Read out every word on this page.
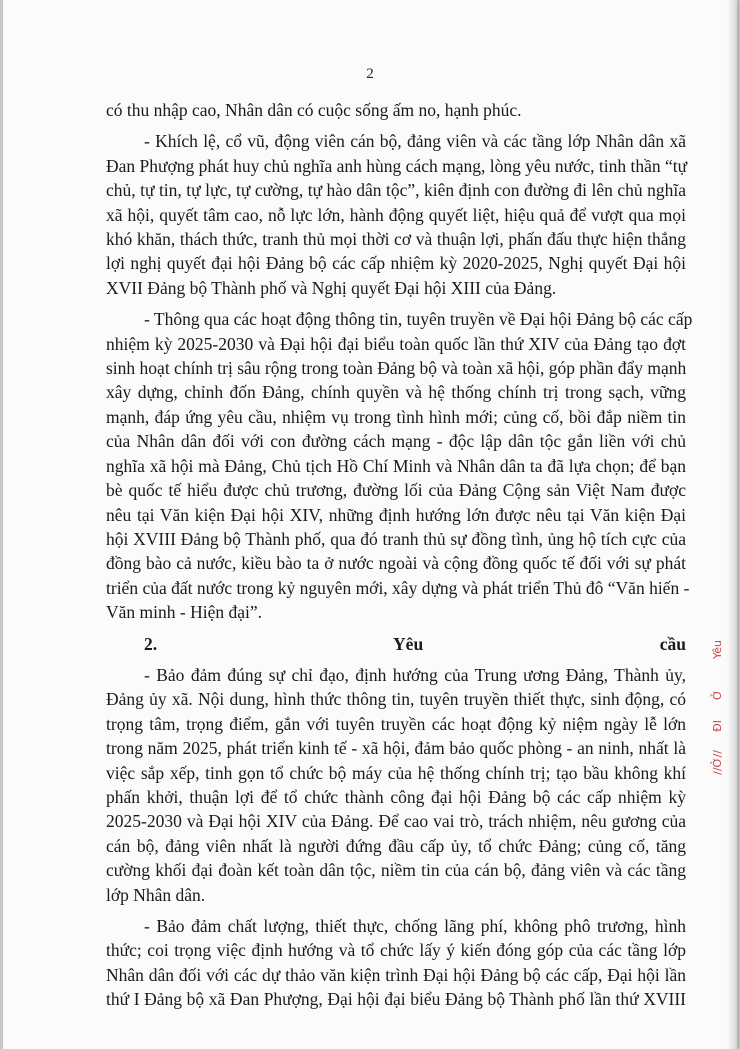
2
có thu nhập cao, Nhân dân có cuộc sống ấm no, hạnh phúc.
- Khích lệ, cổ vũ, động viên cán bộ, đảng viên và các tầng lớp Nhân dân xã
Đan Phượng phát huy chủ nghĩa anh hùng cách mạng, lòng yêu nước, tinh thần “tự
chủ, tự tin, tự lực, tự cường, tự hào dân tộc”, kiên định con đường đi lên chủ nghĩa
xã hội, quyết tâm cao, nỗ lực lớn, hành động quyết liệt, hiệu quả để vượt qua mọi
khó khăn, thách thức, tranh thủ mọi thời cơ và thuận lợi, phấn đấu thực hiện thắng
lợi nghị quyết đại hội Đảng bộ các cấp nhiệm kỳ 2020-2025, Nghị quyết Đại hội
XVII Đảng bộ Thành phố và Nghị quyết Đại hội XIII của Đảng.
- Thông qua các hoạt động thông tin, tuyên truyền về Đại hội Đảng bộ các cấp
nhiệm kỳ 2025-2030 và Đại hội đại biểu toàn quốc lần thứ XIV của Đảng tạo đợt
sinh hoạt chính trị sâu rộng trong toàn Đảng bộ và toàn xã hội, góp phần đẩy mạnh
xây dựng, chỉnh đốn Đảng, chính quyền và hệ thống chính trị trong sạch, vững
mạnh, đáp ứng yêu cầu, nhiệm vụ trong tình hình mới; củng cố, bồi đắp niềm tin
của Nhân dân đối với con đường cách mạng - độc lập dân tộc gắn liền với chủ
nghĩa xã hội mà Đảng, Chủ tịch Hồ Chí Minh và Nhân dân ta đã lựa chọn; để bạn
bè quốc tế hiểu được chủ trương, đường lối của Đảng Cộng sản Việt Nam được
nêu tại Văn kiện Đại hội XIV, những định hướng lớn được nêu tại Văn kiện Đại
hội XVIII Đảng bộ Thành phố, qua đó tranh thủ sự đồng tình, ủng hộ tích cực của
đồng bào cả nước, kiều bào ta ở nước ngoài và cộng đồng quốc tế đối với sự phát
triển của đất nước trong kỷ nguyên mới, xây dựng và phát triển Thủ đô “Văn hiến -
Văn minh - Hiện đại”.
2. Yêu cầu
- Bảo đảm đúng sự chỉ đạo, định hướng của Trung ương Đảng, Thành ủy,
Đảng ủy xã. Nội dung, hình thức thông tin, tuyên truyền thiết thực, sinh động, có
trọng tâm, trọng điểm, gắn với tuyên truyền các hoạt động kỷ niệm ngày lễ lớn
trong năm 2025, phát triển kinh tế - xã hội, đảm bảo quốc phòng - an ninh, nhất là
việc sắp xếp, tinh gọn tổ chức bộ máy của hệ thống chính trị; tạo bầu không khí
phấn khởi, thuận lợi để tổ chức thành công đại hội Đảng bộ các cấp nhiệm kỳ
2025-2030 và Đại hội XIV của Đảng. Để cao vai trò, trách nhiệm, nêu gương của
cán bộ, đảng viên nhất là người đứng đầu cấp ủy, tổ chức Đảng; củng cố, tăng
cường khối đại đoàn kết toàn dân tộc, niềm tin của cán bộ, đảng viên và các tầng
lớp Nhân dân.
- Bảo đảm chất lượng, thiết thực, chống lãng phí, không phô trương, hình
thức; coi trọng việc định hướng và tổ chức lấy ý kiến đóng góp của các tầng lớp
Nhân dân đối với các dự thảo văn kiện trình Đại hội Đảng bộ các cấp, Đại hội lần
thứ I Đảng bộ xã Đan Phượng, Đại hội đại biểu Đảng bộ Thành phố lần thứ XVIII
Yêu
Ở
ĐI
//Ở//
